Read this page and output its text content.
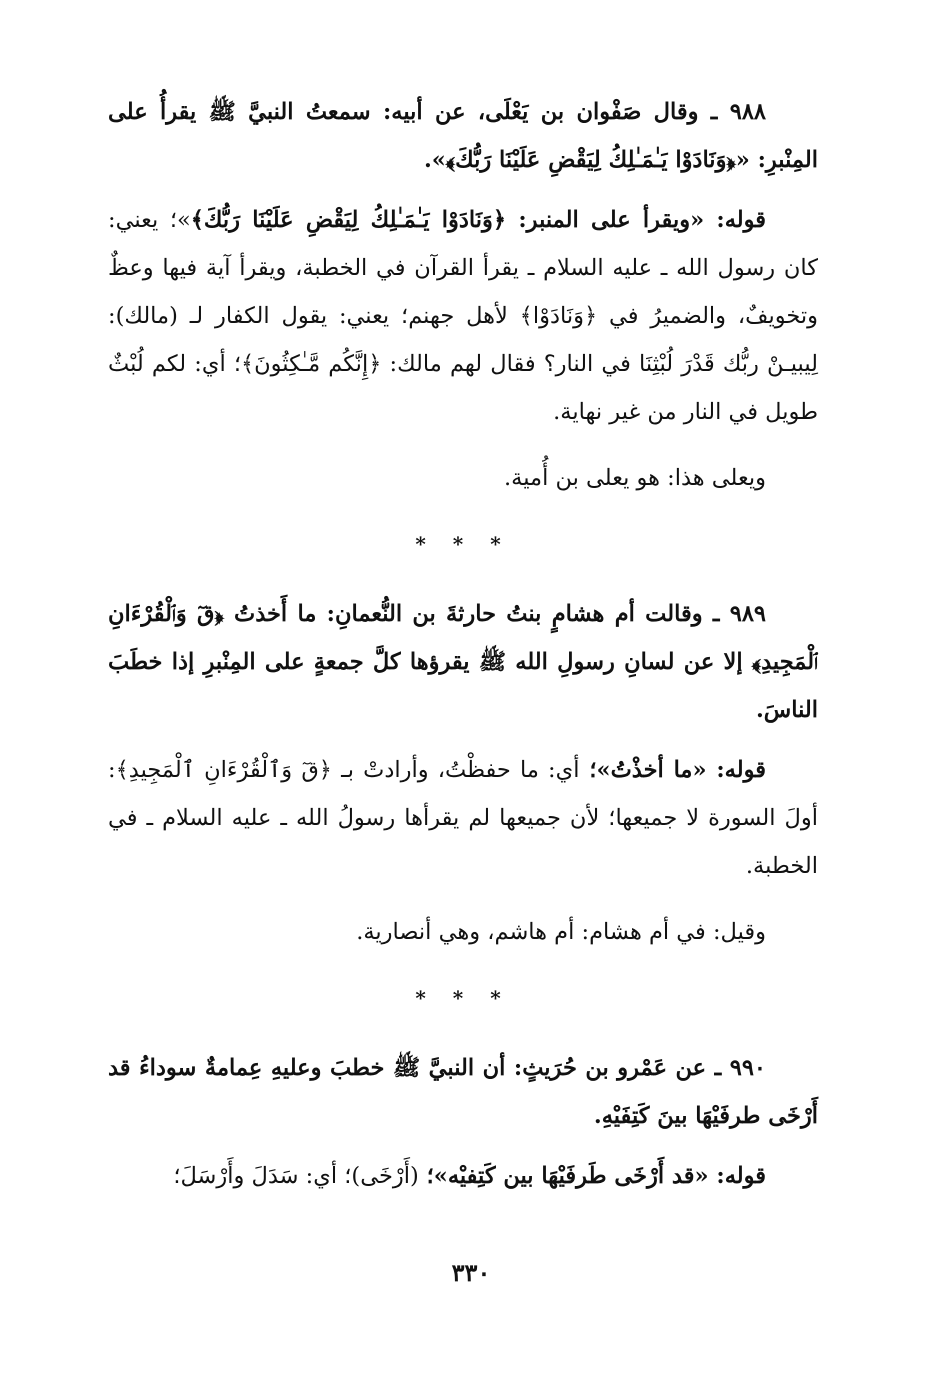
٩٨٨ ـ وقال صَفْوان بن يَعْلَى، عن أبيه: سمعتُ النبيَّ ﷺ يقرأُ على المِنْبرِ: «﴿وَنَادَوْا يَـٰمَـٰلِكُ لِيَقْضِ عَلَيْنَا رَبُّكَ﴾».

قوله: «ويقرأ على المنبر: ﴿وَنَادَوْا يَـٰمَـٰلِكُ لِيَقْضِ عَلَيْنَا رَبُّكَ﴾»؛ يعني: كان رسول الله ـ عليه السلام ـ يقرأ القرآن في الخطبة، ويقرأ آية فيها وعظٌ وتخويفٌ، والضميرُ في ﴿وَنَادَوْا﴾ لأهل جهنم؛ يعني: يقول الكفار لـ (مالك): لِيبيـنْ ربُّك قَدْرَ لُبْثِنَا في النار؟ فقال لهم مالك: ﴿إِنَّكُم مَّـٰكِثُونَ﴾؛ أي: لكم لُبْثٌ طويل في النار من غير نهاية.

ويعلى هذا: هو يعلى بن أُمية.

* * *

٩٨٩ ـ وقالت أم هشامٍ بنتُ حارثةَ بن النُّعمانِ: ما أَخذتُ ﴿قٓ وَٱلْقُرْءَانِ ٱلْمَجِيدِ﴾ إلا عن لسانِ رسولِ الله ﷺ يقرؤها كلَّ جمعةٍ على المِنْبرِ إذا خطَبَ الناسَ.

قوله: «ما أخذْتُ»؛ أي: ما حفظْتُ، وأرادتْ بـ ﴿قٓ وَٱلْقُرْءَانِ ٱلْمَجِيدِ﴾: أولَ السورة لا جميعها؛ لأن جميعها لم يقرأها رسولُ الله ـ عليه السلام ـ في الخطبة.

وقيل: في أم هشام: أم هاشم، وهي أنصارية.

* * *

٩٩٠ ـ عن عَمْرو بن حُرَيثٍ: أن النبيَّ ﷺ خطبَ وعليهِ عِمامةٌ سوداءُ قد أَرْخَى طرفَيْهَا بينَ كَتِفَيْهِ.

قوله: «قد أَرْخَى طَرفَيْهَا بين كَتِفيْه»؛ (أَرْخَى)؛ أي: سَدَلَ وأَرْسَلَ؛

٣٣٠
